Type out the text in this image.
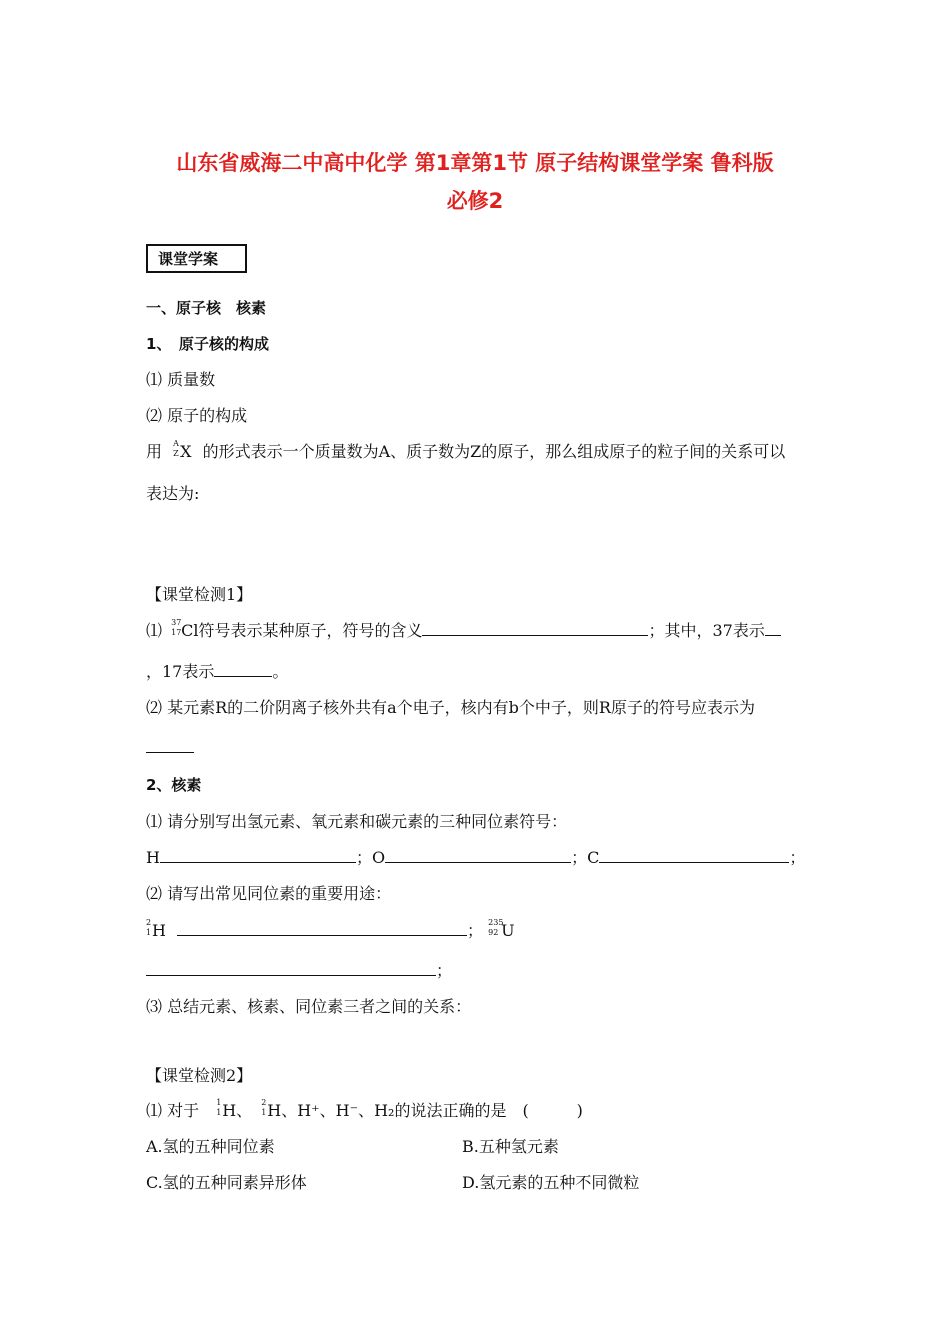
山东省威海二中高中化学 第1章第1节 原子结构课堂学案 鲁科版
必修2
课堂学案
一、原子核　核素
1、　原子核的构成
⑴ 质量数
⑵ 原子的构成
用 A
Z X 的形式表示一个质量数为A、质子数为Z的原子，那么组成原子的粒子间的关系可以
表达为:
【课堂检测1】
⑴ 37
17 Cl符号表示某种原子，符号的含义	；其中，37表示
，17表示	。
⑵ 某元素R的二价阴离子核外共有a个电子，核内有b个中子，则R原子的符号应表示为
2、核素
⑴ 请分别写出氢元素、氧元素和碳元素的三种同位素符号：
H	；O	；C	；
⑵ 请写出常见同位素的重要用途：
2
1 H	； 235
92 U
；
⑶ 总结元素、核素、同位素三者之间的关系：
【课堂检测2】
⑴ 对于 1
1 H、 2
1 H、H⁺、H⁻、H₂的说法正确的是　(　　　)
A.氢的五种同位素	B.五种氢元素
C.氢的五种同素异形体	D.氢元素的五种不同微粒
